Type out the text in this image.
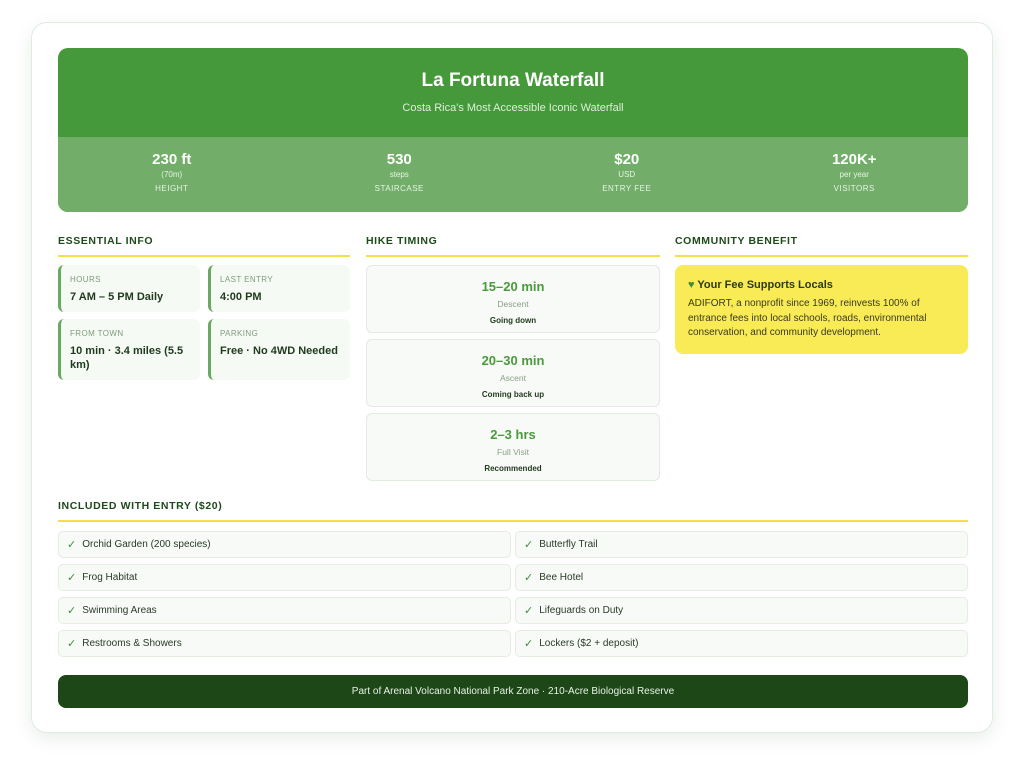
La Fortuna Waterfall
Costa Rica's Most Accessible Iconic Waterfall
230 ft
(70m)
HEIGHT
530
steps
STAIRCASE
$20
USD
ENTRY FEE
120K+
per year
VISITORS
ESSENTIAL INFO
HOURS
7 AM – 5 PM Daily
LAST ENTRY
4:00 PM
FROM TOWN
10 min · 3.4 miles (5.5 km)
PARKING
Free · No 4WD Needed
HIKE TIMING
15–20 min
Descent
Going down
20–30 min
Ascent
Coming back up
2–3 hrs
Full Visit
Recommended
COMMUNITY BENEFIT
♥ Your Fee Supports Locals
ADIFORT, a nonprofit since 1969, reinvests 100% of entrance fees into local schools, roads, environmental conservation, and community development.
INCLUDED WITH ENTRY ($20)
✓ Orchid Garden (200 species)	✓ Butterfly Trail
✓ Frog Habitat	✓ Bee Hotel
✓ Swimming Areas	✓ Lifeguards on Duty
✓ Restrooms & Showers	✓ Lockers ($2 + deposit)
Part of Arenal Volcano National Park Zone · 210-Acre Biological Reserve
